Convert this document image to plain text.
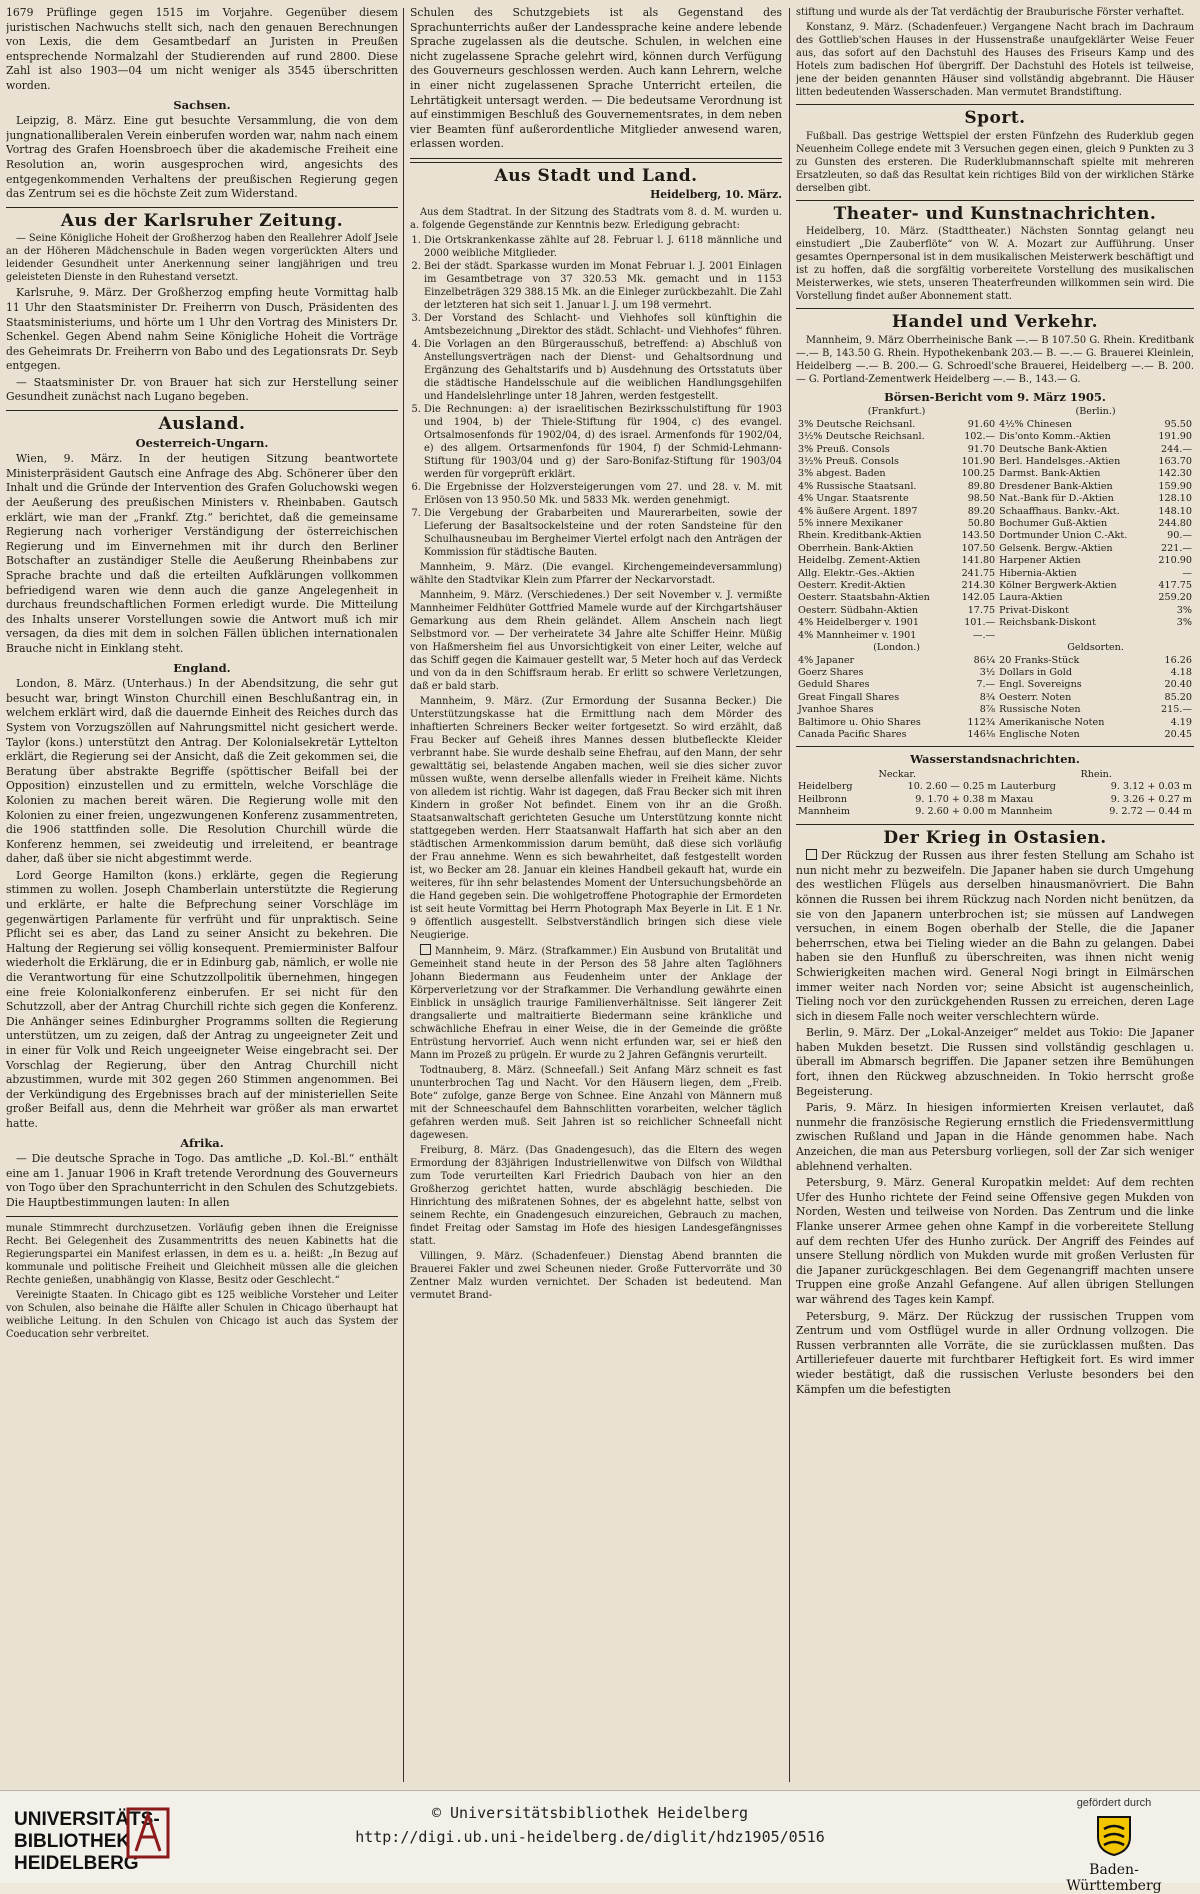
1679 Prüflinge gegen 1515 im Vorjahre. Gegenüber diesem juristischen Nachwuchs stellt sich, nach den genauen Berechnungen von Lexis, die dem Gesamtbedarf an Juristen in Preußen entsprechende Normalzahl der Studierenden auf rund 2800. Diese Zahl ist also 1903—04 um nicht weniger als 3545 überschritten worden.

Sachsen.

Leipzig, 8. März. Eine gut besuchte Versammlung, die von dem jungnationalliberalen Verein einberufen worden war, nahm nach einem Vortrag des Grafen Hoensbroech über die akademische Freiheit eine Resolution an, worin ausgesprochen wird, angesichts des entgegenkommenden Verhaltens der preußischen Regierung gegen das Zentrum sei es die höchste Zeit zum Widerstand.

Aus der Karlsruher Zeitung.

— Seine Königliche Hoheit der Großherzog haben den Reallehrer Adolf Jsele an der Höheren Mädchenschule in Baden wegen vorgerückten Alters und leidender Gesundheit unter Anerkennung seiner langjährigen und treu geleisteten Dienste in den Ruhestand versetzt.

Karlsruhe, 9. März. Der Großherzog empfing heute Vormittag halb 11 Uhr den Staatsminister Dr. Freiherrn von Dusch, Präsidenten des Staatsministeriums, und hörte um 1 Uhr den Vortrag des Ministers Dr. Schenkel. Gegen Abend nahm Seine Königliche Hoheit die Vorträge des Geheimrats Dr. Freiherrn von Babo und des Legationsrats Dr. Seyb entgegen.

— Staatsminister Dr. von Brauer hat sich zur Herstellung seiner Gesundheit zunächst nach Lugano begeben.

Ausland.
Oesterreich-Ungarn.

Wien, 9. März. In der heutigen Sitzung beantwortete Ministerpräsident Gautsch eine Anfrage des Abg. Schönerer über den Inhalt und die Gründe der Intervention des Grafen Goluchowski wegen der Aeußerung des preußischen Ministers v. Rheinbaben. Gautsch erklärt, wie man der „Frankf. Ztg.“ berichtet, daß die gemeinsame Regierung nach vorheriger Verständigung der österreichischen Regierung und im Einvernehmen mit ihr durch den Berliner Botschafter an zuständiger Stelle die Aeußerung Rheinbabens zur Sprache brachte und daß die erteilten Aufklärungen vollkommen befriedigend waren wie denn auch die ganze Angelegenheit in durchaus freundschaftlichen Formen erledigt wurde. Die Mitteilung des Inhalts unserer Vorstellungen sowie die Antwort muß ich mir versagen, da dies mit dem in solchen Fällen üblichen internationalen Brauche nicht in Einklang steht.

England.

London, 8. März. (Unterhaus.) In der Abendsitzung, die sehr gut besucht war, bringt Winston Churchill einen Beschlußantrag ein, in welchem erklärt wird, daß die dauernde Einheit des Reiches durch das System von Vorzugszöllen auf Nahrungsmittel nicht gesichert werde. Taylor (kons.) unterstützt den Antrag. Der Kolonialsekretär Lyttelton erklärt, die Regierung sei der Ansicht, daß die Zeit gekommen sei, die Beratung über abstrakte Begriffe (spöttischer Beifall bei der Opposition) einzustellen und zu ermitteln, welche Vorschläge die Kolonien zu machen bereit wären. Die Regierung wolle mit den Kolonien zu einer freien, ungezwungenen Konferenz zusammentreten, die 1906 stattfinden solle. Die Resolution Churchill würde die Konferenz hemmen, sei zweideutig und irreleitend, er beantrage daher, daß über sie nicht abgestimmt werde.

Lord George Hamilton (kons.) erklärte, gegen die Regierung stimmen zu wollen. Joseph Chamberlain unterstützte die Regierung und erklärte, er halte die Befprechung seiner Vorschläge im gegenwärtigen Parlamente für verfrüht und für unpraktisch. Seine Pflicht sei es aber, das Land zu seiner Ansicht zu bekehren. Die Haltung der Regierung sei völlig konsequent. Premierminister Balfour wiederholt die Erklärung, die er in Edinburg gab, nämlich, er wolle nie die Verantwortung für eine Schutzzollpolitik übernehmen, hingegen eine freie Kolonialkonferenz einberufen. Er sei nicht für den Schutzzoll, aber der Antrag Churchill richte sich gegen die Konferenz. Die Anhänger seines Edinburgher Programms sollten die Regierung unterstützen, um zu zeigen, daß der Antrag zu ungeeigneter Zeit und in einer für Volk und Reich ungeeigneter Weise eingebracht sei. Der Vorschlag der Regierung, über den Antrag Churchill nicht abzustimmen, wurde mit 302 gegen 260 Stimmen angenommen. Bei der Verkündigung des Ergebnisses brach auf der ministeriellen Seite großer Beifall aus, denn die Mehrheit war größer als man erwartet hatte.

Afrika.

— Die deutsche Sprache in Togo. Das amtliche „D. Kol.-Bl.“ enthält eine am 1. Januar 1906 in Kraft tretende Verordnung des Gouverneurs von Togo über den Sprachunterricht in den Schulen des Schutzgebiets. Die Hauptbestimmungen lauten: In allen

munale Stimmrecht durchzusetzen. Vorläufig geben ihnen die Ereignisse Recht. Bei Gelegenheit des Zusammentritts des neuen Kabinetts hat die Regierungspartei ein Manifest erlassen, in dem es u. a. heißt: „In Bezug auf kommunale und politische Freiheit und Gleichheit müssen alle die gleichen Rechte genießen, unabhängig von Klasse, Besitz oder Geschlecht.“

Vereinigte Staaten. In Chicago gibt es 125 weibliche Vorsteher und Leiter von Schulen, also beinahe die Hälfte aller Schulen in Chicago überhaupt hat weibliche Leitung. In den Schulen von Chicago ist auch das System der Coeducation sehr verbreitet.

Schulen des Schutzgebiets ist als Gegenstand des Sprachunterrichts außer der Landessprache keine andere lebende Sprache zugelassen als die deutsche. Schulen, in welchen eine nicht zugelassene Sprache gelehrt wird, können durch Verfügung des Gouverneurs geschlossen werden. Auch kann Lehrern, welche in einer nicht zugelassenen Sprache Unterricht erteilen, die Lehrtätigkeit untersagt werden. — Die bedeutsame Verordnung ist auf einstimmigen Beschluß des Gouvernementsrates, in dem neben vier Beamten fünf außerordentliche Mitglieder anwesend waren, erlassen worden.

Aus Stadt und Land.
Heidelberg, 10. März.

Aus dem Stadtrat. In der Sitzung des Stadtrats vom 8. d. M. wurden u. a. folgende Gegenstände zur Kenntnis bezw. Erledigung gebracht:

1. Die Ortskrankenkasse zählte auf 28. Februar l. J. 6118 männliche und 2000 weibliche Mitglieder.
2. Bei der städt. Sparkasse wurden im Monat Februar l. J. 2001 Einlagen im Gesamtbetrage von 37 320.53 Mk. gemacht und in 1153 Einzelbeträgen 329 388.15 Mk. an die Einleger zurückbezahlt. Die Zahl der letzteren hat sich seit 1. Januar l. J. um 198 vermehrt.
3. Der Vorstand des Schlacht- und Viehhofes soll künftighin die Amtsbezeichnung „Direktor des städt. Schlacht- und Viehhofes“ führen.
4. Die Vorlagen an den Bürgerausschuß, betreffend: a) Abschluß von Anstellungsverträgen nach der Dienst- und Gehaltsordnung und Ergänzung des Gehaltstarifs und b) Ausdehnung des Ortsstatuts über die städtische Handelsschule auf die weiblichen Handlungsgehilfen und Handelslehrlinge unter 18 Jahren, werden festgestellt.
5. Die Rechnungen: a) der israelitischen Bezirksschulstiftung für 1903 und 1904, b) der Thiele-Stiftung für 1904, c) des evangel. Ortsalmosenfonds für 1902/04, d) des israel. Armenfonds für 1902/04, e) des allgem. Ortsarmenfonds für 1904, f) der Schmid-Lehmann-Stiftung für 1903/04 und g) der Saro-Bonifaz-Stiftung für 1903/04 werden für vorgeprüft erklärt.
6. Die Ergebnisse der Holzversteigerungen vom 27. und 28. v. M. mit Erlösen von 13 950.50 Mk. und 5833 Mk. werden genehmigt.
7. Die Vergebung der Grabarbeiten und Maurerarbeiten, sowie der Lieferung der Basaltsockelsteine und der roten Sandsteine für den Schulhausneubau im Bergheimer Viertel erfolgt nach den Anträgen der Kommission für städtische Bauten.

Mannheim, 9. März. (Die evangel. Kirchengemeindeversammlung) wählte den Stadtvikar Klein zum Pfarrer der Neckarvorstadt.

Mannheim, 9. März. (Verschiedenes.) Der seit November v. J. vermißte Mannheimer Feldhüter Gottfried Mamele wurde auf der Kirchgartshäuser Gemarkung aus dem Rhein geländet. Allem Anschein nach liegt Selbstmord vor. — Der verheiratete 34 Jahre alte Schiffer Heinr. Müßig von Haßmersheim fiel aus Unvorsichtigkeit von einer Leiter, welche auf das Schiff gegen die Kaimauer gestellt war, 5 Meter hoch auf das Verdeck und von da in den Schiffsraum herab. Er erlitt so schwere Verletzungen, daß er bald starb.

Mannheim, 9. März. (Zur Ermordung der Susanna Becker.) Die Unterstützungskasse hat die Ermittlung nach dem Mörder des inhaftierten Schreiners Becker weiter fortgesetzt. So wird erzählt, daß Frau Becker auf Geheiß ihres Mannes dessen blutbefleckte Kleider verbrannt habe. Sie wurde deshalb seine Ehefrau, auf den Mann, der sehr gewalttätig sei, belastende Angaben machen, weil sie dies sicher zuvor müssen wußte, wenn derselbe allenfalls wieder in Freiheit käme. Nichts von alledem ist richtig. Wahr ist dagegen, daß Frau Becker sich mit ihren Kindern in großer Not befindet. Einem von ihr an die Großh. Staatsanwaltschaft gerichteten Gesuche um Unterstützung konnte nicht stattgegeben werden. Herr Staatsanwalt Haffarth hat sich aber an den städtischen Armenkommission darum bemüht, daß diese sich vorläufig der Frau annehme. Wenn es sich bewahrheitet, daß festgestellt worden ist, wo Becker am 28. Januar ein kleines Handbeil gekauft hat, wurde ein weiteres, für ihn sehr belastendes Moment der Untersuchungsbehörde an die Hand gegeben sein. Die wohlgetroffene Photographie der Ermordeten ist seit heute Vormittag bei Herrn Photograph Max Beyerle in Lit. E 1 Nr. 9 öffentlich ausgestellt. Selbstverständlich bringen sich diese viele Neugierige.

Mannheim, 9. März. (Strafkammer.) Ein Ausbund von Brutalität und Gemeinheit stand heute in der Person des 58 Jahre alten Taglöhners Johann Biedermann aus Feudenheim unter der Anklage der Körperverletzung vor der Strafkammer. Die Verhandlung gewährte einen Einblick in unsäglich traurige Familienverhältnisse. Seit längerer Zeit drangsalierte und maltraitierte Biedermann seine kränkliche und schwächliche Ehefrau in einer Weise, die in der Gemeinde die größte Entrüstung hervorrief. Auch wenn nicht erfunden war, sei er hieß den Mann im Prozeß zu prügeln. Er wurde zu 2 Jahren Gefängnis verurteilt.

Todtnauberg, 8. März. (Schneefall.) Seit Anfang März schneit es fast ununterbrochen Tag und Nacht. Vor den Häusern liegen, dem „Freib. Bote“ zufolge, ganze Berge von Schnee. Eine Anzahl von Männern muß mit der Schneeschaufel dem Bahnschlitten vorarbeiten, welcher täglich gefahren werden muß. Seit Jahren ist so reichlicher Schneefall nicht dagewesen.

Freiburg, 8. März. (Das Gnadengesuch), das die Eltern des wegen Ermordung der 83jährigen Industriellenwitwe von Dilfsch von Wildthal zum Tode verurteilten Karl Friedrich Daubach von hier an den Großherzog gerichtet hatten, wurde abschlägig beschieden. Die Hinrichtung des mißratenen Sohnes, der es abgelehnt hatte, selbst von seinem Rechte, ein Gnadengesuch einzureichen, Gebrauch zu machen, findet Freitag oder Samstag im Hofe des hiesigen Landesgefängnisses statt.

Villingen, 9. März. (Schadenfeuer.) Dienstag Abend brannten die Brauerei Fakler und zwei Scheunen nieder. Große Futtervorräte und 30 Zentner Malz wurden vernichtet. Der Schaden ist bedeutend. Man vermutet Brand-

stiftung und wurde als der Tat verdächtig der Brauburische Förster verhaftet.

Konstanz, 9. März. (Schadenfeuer.) Vergangene Nacht brach im Dachraum des Gottlieb'schen Hauses in der Hussenstraße unaufgeklärter Weise Feuer aus, das sofort auf den Dachstuhl des Hauses des Friseurs Kamp und des Hotels zum badischen Hof übergriff. Der Dachstuhl des Hotels ist teilweise, jene der beiden genannten Häuser sind vollständig abgebrannt. Die Häuser litten bedeutenden Wasserschaden. Man vermutet Brandstiftung.

Sport.

Fußball. Das gestrige Wettspiel der ersten Fünfzehn des Ruderklub gegen Neuenheim College endete mit 3 Versuchen gegen einen, gleich 9 Punkten zu 3 zu Gunsten des ersteren. Die Ruderklubmannschaft spielte mit mehreren Ersatzleuten, so daß das Resultat kein richtiges Bild von der wirklichen Stärke derselben gibt.

Theater- und Kunstnachrichten.

Heidelberg, 10. März. (Stadttheater.) Nächsten Sonntag gelangt neu einstudiert „Die Zauberflöte“ von W. A. Mozart zur Aufführung. Unser gesamtes Opernpersonal ist in dem musikalischen Meisterwerk beschäftigt und ist zu hoffen, daß die sorgfältig vorbereitete Vorstellung des musikalischen Meisterwerkes, wie stets, unseren Theaterfreunden willkommen sein wird. Die Vorstellung findet außer Abonnement statt.

Handel und Verkehr.

Mannheim, 9. März Oberrheinische Bank —.— B 107.50 G. Rhein. Kreditbank —.— B, 143.50 G. Rhein. Hypothekenbank 203.— B. —.— G. Brauerei Kleinlein, Heidelberg —.— B. 200.— G. Schroedl'sche Brauerei, Heidelberg —.— B. 200.— G. Portland-Zementwerk Heidelberg —.— B., 143.— G.

Börsen-Bericht vom 9. März 1905.
(Frankfurt.)		(Berlin.)	
3% Deutsche Reichsanl.	91.60	4½% Chinesen	95.50
3½% Deutsche Reichsanl.	102.—	Dis'onto Komm.-Aktien	191.90
3% Preuß. Consols	91.70	Deutsche Bank-Aktien	244.—
3½% Preuß. Consols	101.90	Berl. Handelsges.-Aktien	163.70
3% abgest. Baden	100.25	Darmst. Bank-Aktien	142.30
4% Russische Staatsanl.	89.80	Dresdener Bank-Aktien	159.90
4% Ungar. Staatsrente	98.50	Nat.-Bank für D.-Aktien	128.10
4% äußere Argent. 1897	89.20	Schaaffhaus. Bankv.-Akt.	148.10
5% innere Mexikaner	50.80	Bochumer Guß-Aktien	244.80
Rhein. Kreditbank-Aktien	143.50	Dortmunder Union C.-Akt.	90.—
Oberrhein. Bank-Aktien	107.50	Gelsenk. Bergw.-Aktien	221.—
Heidelbg. Zement-Aktien	141.80	Harpener Aktien	210.90
Allg. Elektr.-Ges.-Aktien	241.75	Hibernia-Aktien	—
Oesterr. Kredit-Aktien	214.30	Kölner Bergwerk-Aktien	417.75
Oesterr. Staatsbahn-Aktien	142.05	Laura-Aktien	259.20
Oesterr. Südbahn-Aktien	17.75	Privat-Diskont	3%
4% Heidelberger v. 1901	101.—	Reichsbank-Diskont	3%
4% Mannheimer v. 1901	—.—		
(London.)		Geldsorten.	
4% Japaner	86¼	20 Franks-Stück	16.26
Goerz Shares	3½	Dollars in Gold	4.18
Geduld Shares	7.—	Engl. Sovereigns	20.40
Great Fingall Shares	8¾	Oesterr. Noten	85.20
Jvanhoe Shares	8⅞	Russische Noten	215.—
Baltimore u. Ohio Shares	112¾	Amerikanische Noten	4.19
Canada Pacific Shares	146⅛	Englische Noten	20.45
Wasserstandsnachrichten.
Neckar.		Rhein.	
Heidelberg	10. 2.60 — 0.25 m	Lauterburg	9. 3.12 + 0.03 m
Heilbronn	9. 1.70 + 0.38 m	Maxau	9. 3.26 + 0.27 m
Mannheim	9. 2.60 + 0.00 m	Mannheim	9. 2.72 — 0.44 m
Der Krieg in Ostasien.

Der Rückzug der Russen aus ihrer festen Stellung am Schaho ist nun nicht mehr zu bezweifeln. Die Japaner haben sie durch Umgehung des westlichen Flügels aus derselben hinausmanövriert. Die Bahn können die Russen bei ihrem Rückzug nach Norden nicht benützen, da sie von den Japanern unterbrochen ist; sie müssen auf Landwegen versuchen, in einem Bogen oberhalb der Stelle, die die Japaner beherrschen, etwa bei Tieling wieder an die Bahn zu gelangen. Dabei haben sie den Hunfluß zu überschreiten, was ihnen nicht wenig Schwierigkeiten machen wird. General Nogi bringt in Eilmärschen immer weiter nach Norden vor; seine Absicht ist augenscheinlich, Tieling noch vor den zurückgehenden Russen zu erreichen, deren Lage sich in diesem Falle noch weiter verschlechtern würde.

Berlin, 9. März. Der „Lokal-Anzeiger“ meldet aus Tokio: Die Japaner haben Mukden besetzt. Die Russen sind vollständig geschlagen u. überall im Abmarsch begriffen. Die Japaner setzen ihre Bemühungen fort, ihnen den Rückweg abzuschneiden. In Tokio herrscht große Begeisterung.

Paris, 9. März. In hiesigen informierten Kreisen verlautet, daß nunmehr die französische Regierung ernstlich die Friedensvermittlung zwischen Rußland und Japan in die Hände genommen habe. Nach Anzeichen, die man aus Petersburg vorliegen, soll der Zar sich weniger ablehnend verhalten.

Petersburg, 9. März. General Kuropatkin meldet: Auf dem rechten Ufer des Hunho richtete der Feind seine Offensive gegen Mukden von Norden, Westen und teilweise von Norden. Das Zentrum und die linke Flanke unserer Armee gehen ohne Kampf in die vorbereitete Stellung auf dem rechten Ufer des Hunho zurück. Der Angriff des Feindes auf unsere Stellung nördlich von Mukden wurde mit großen Verlusten für die Japaner zurückgeschlagen. Bei dem Gegenangriff machten unsere Truppen eine große Anzahl Gefangene. Auf allen übrigen Stellungen war während des Tages kein Kampf.

Petersburg, 9. März. Der Rückzug der russischen Truppen vom Zentrum und vom Ostflügel wurde in aller Ordnung vollzogen. Die Russen verbrannten alle Vorräte, die sie zurücklassen mußten. Das Artilleriefeuer dauerte mit furchtbarer Heftigkeit fort. Es wird immer wieder bestätigt, daß die russischen Verluste besonders bei den Kämpfen um die befestigten

UNIVERSITÄTS-
BIBLIOTHEK
HEIDELBERG
© Universitätsbibliothek Heidelberg
http://digi.ub.uni-heidelberg.de/diglit/hdz1905/0516
gefördert durch
Baden-Württemberg
